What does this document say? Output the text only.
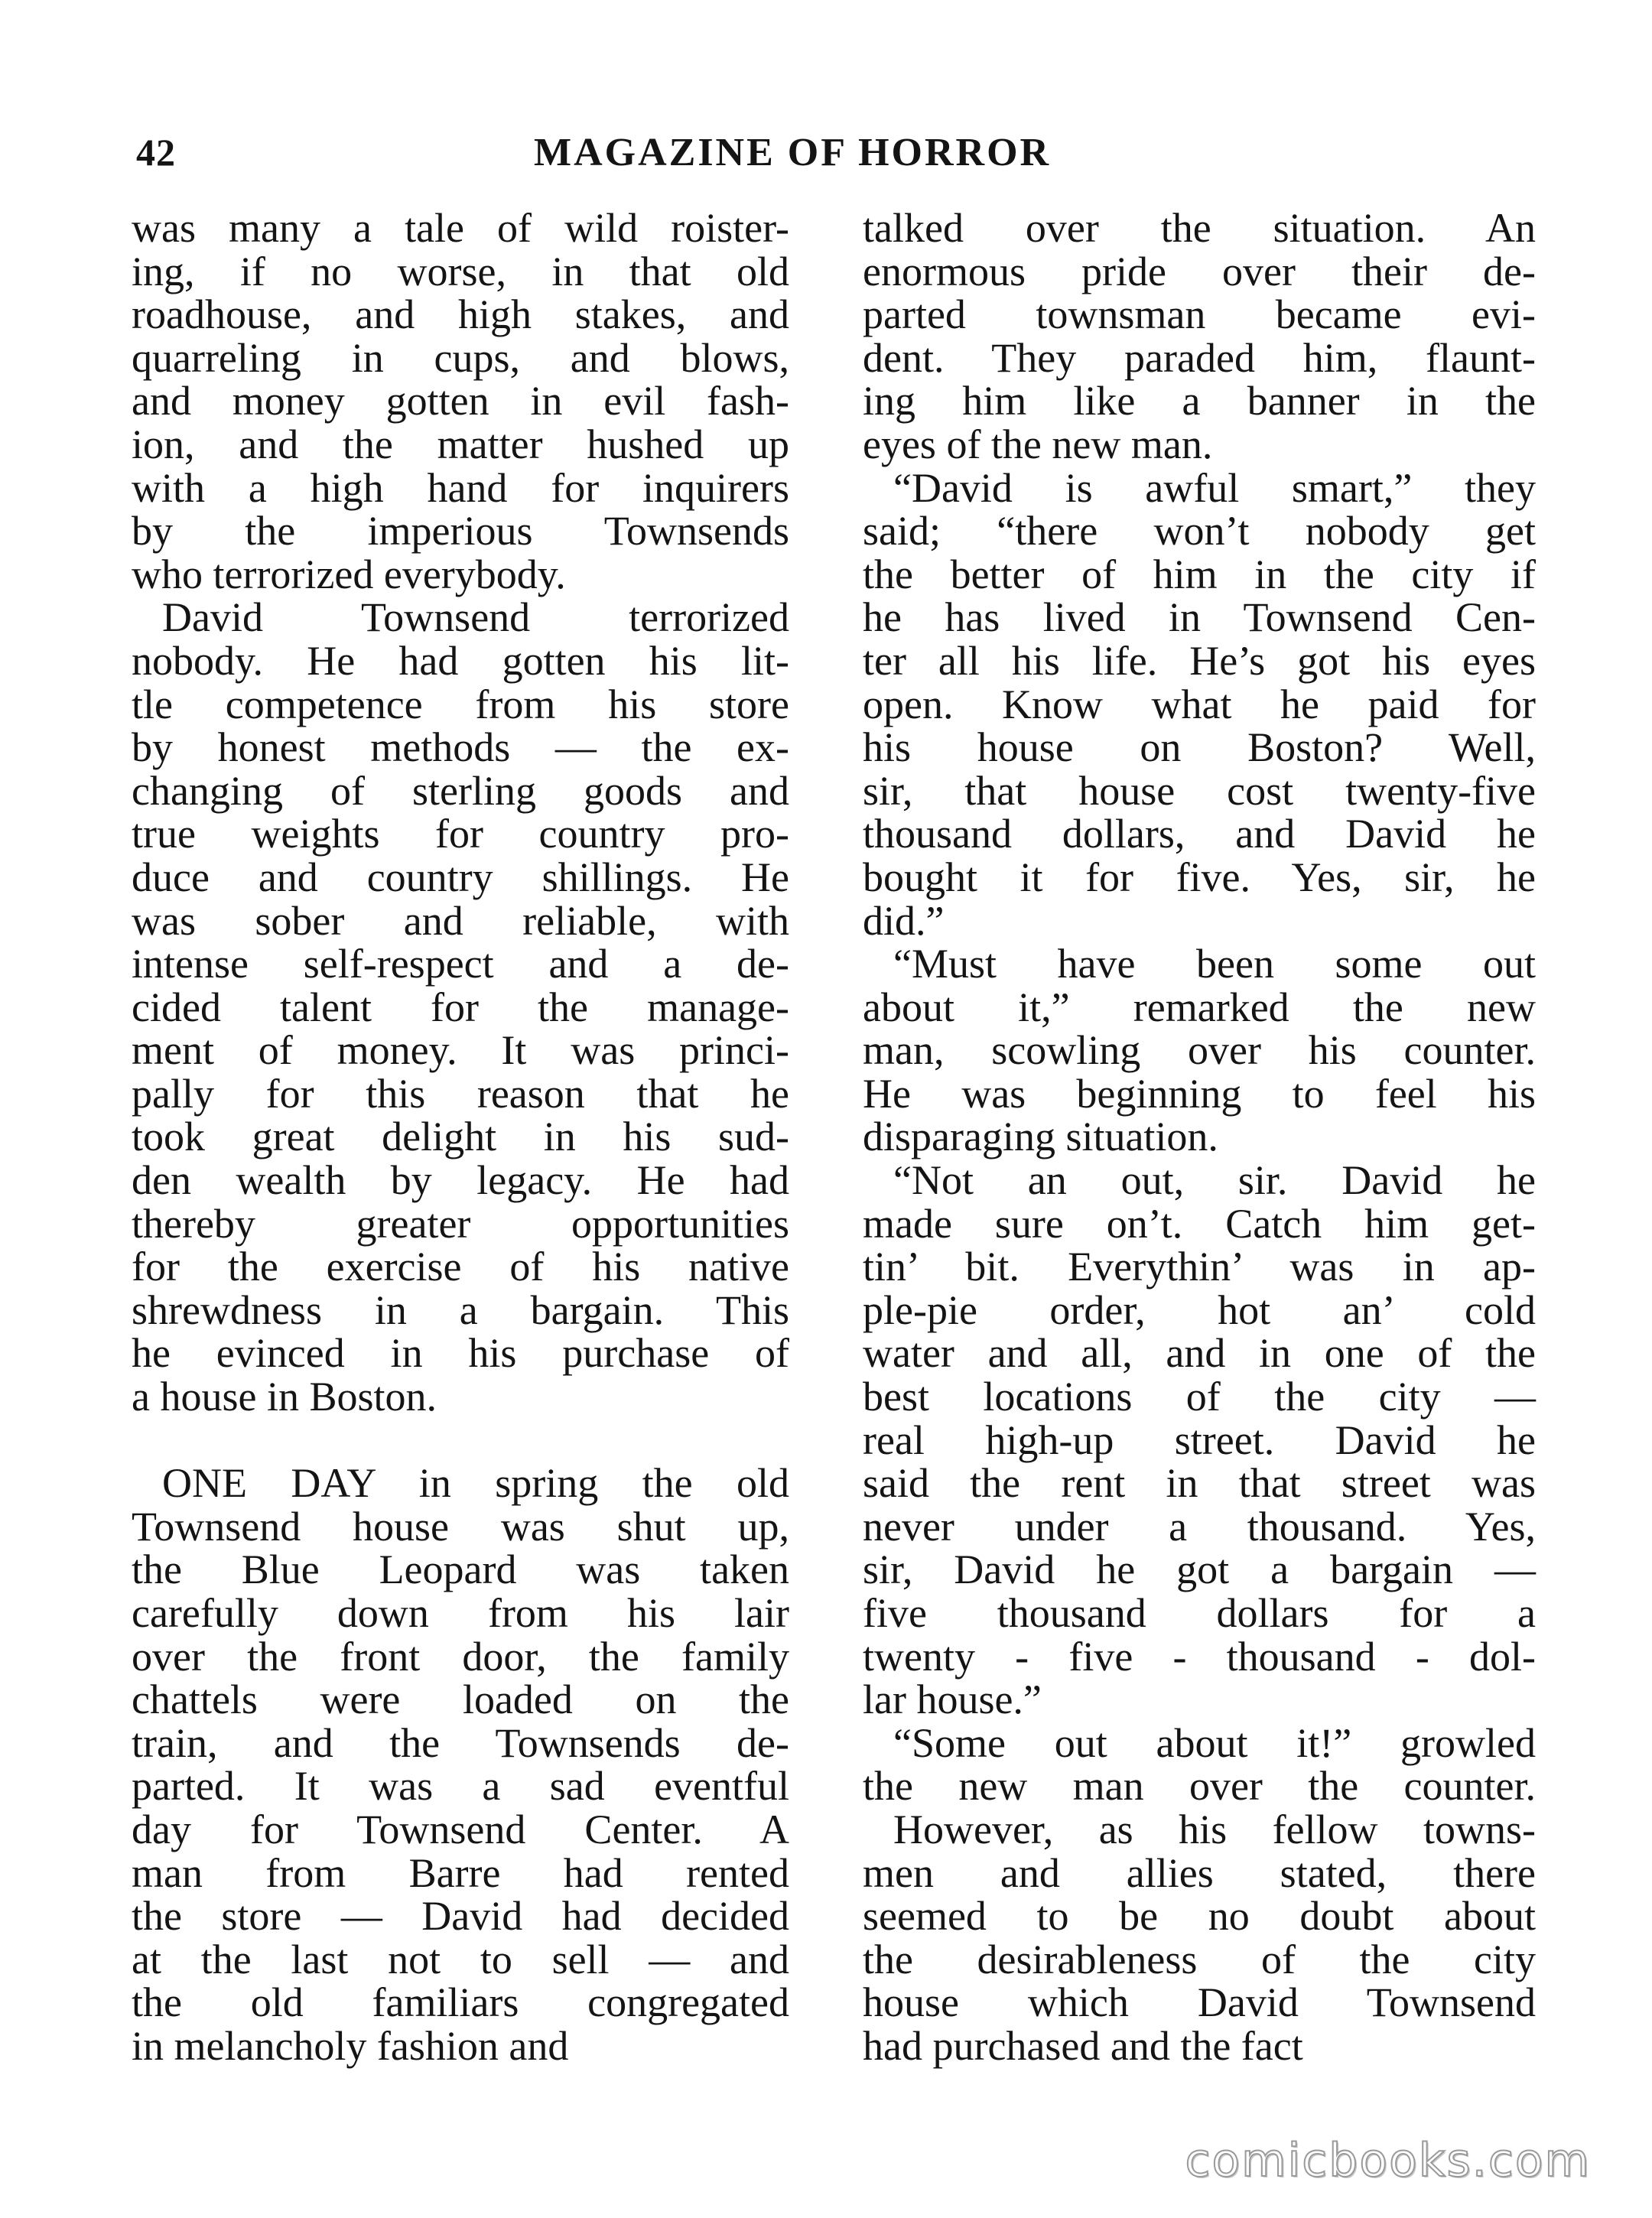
42	MAGAZINE OF HORROR
was many a tale of wild roister-
ing, if no worse, in that old
roadhouse, and high stakes, and
quarreling in cups, and blows,
and money gotten in evil fash-
ion, and the matter hushed up
with a high hand for inquirers
by the imperious Townsends
who terrorized everybody.
David Townsend terrorized
nobody. He had gotten his lit-
tle competence from his store
by honest methods — the ex-
changing of sterling goods and
true weights for country pro-
duce and country shillings. He
was sober and reliable, with
intense self-respect and a de-
cided talent for the manage-
ment of money. It was princi-
pally for this reason that he
took great delight in his sud-
den wealth by legacy. He had
thereby greater opportunities
for the exercise of his native
shrewdness in a bargain. This
he evinced in his purchase of
a house in Boston.

ONE DAY in spring the old
Townsend house was shut up,
the Blue Leopard was taken
carefully down from his lair
over the front door, the family
chattels were loaded on the
train, and the Townsends de-
parted. It was a sad eventful
day for Townsend Center. A
man from Barre had rented
the store — David had decided
at the last not to sell — and
the old familiars congregated
in melancholy fashion and
talked over the situation. An
enormous pride over their de-
parted townsman became evi-
dent. They paraded him, flaunt-
ing him like a banner in the
eyes of the new man.
“David is awful smart,” they
said; “there won’t nobody get
the better of him in the city if
he has lived in Townsend Cen-
ter all his life. He’s got his eyes
open. Know what he paid for
his house on Boston? Well,
sir, that house cost twenty-five
thousand dollars, and David he
bought it for five. Yes, sir, he
did.”
“Must have been some out
about it,” remarked the new
man, scowling over his counter.
He was beginning to feel his
disparaging situation.
“Not an out, sir. David he
made sure on’t. Catch him get-
tin’ bit. Everythin’ was in ap-
ple-pie order, hot an’ cold
water and all, and in one of the
best locations of the city —
real high-up street. David he
said the rent in that street was
never under a thousand. Yes,
sir, David he got a bargain —
five thousand dollars for a
twenty - five - thousand - dol-
lar house.”
“Some out about it!” growled
the new man over the counter.
However, as his fellow towns-
men and allies stated, there
seemed to be no doubt about
the desirableness of the city
house which David Townsend
had purchased and the fact
comicbooks.com
